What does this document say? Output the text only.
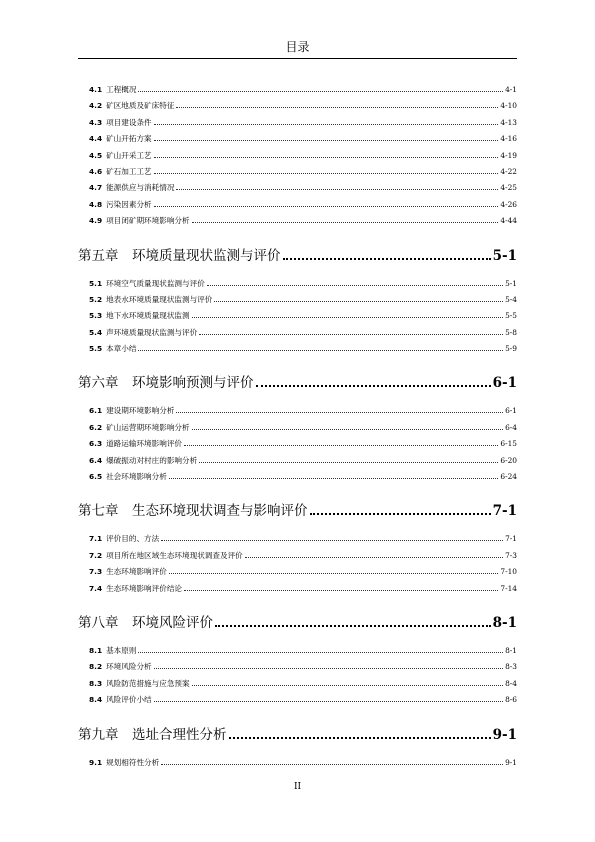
目录
4.1 工程概况	4-1
4.2 矿区地质及矿床特征	4-10
4.3 项目建设条件	4-13
4.4 矿山开拓方案	4-16
4.5 矿山开采工艺	4-19
4.6 矿石加工工艺	4-22
4.7 能源供应与消耗情况	4-25
4.8 污染因素分析	4-26
4.9 项目闭矿期环境影响分析	4-44
第五章　环境质量现状监测与评价	5-1
5.1 环境空气质量现状监测与评价	5-1
5.2 地表水环境质量现状监测与评价	5-4
5.3 地下水环境质量现状监测	5-5
5.4 声环境质量现状监测与评价	5-8
5.5 本章小结	5-9
第六章　环境影响预测与评价	6-1
6.1 建设期环境影响分析	6-1
6.2 矿山运营期环境影响分析	6-4
6.3 道路运输环境影响评价	6-15
6.4 爆破振动对村庄的影响分析	6-20
6.5 社会环境影响分析	6-24
第七章　生态环境现状调查与影响评价	7-1
7.1 评价目的、方法	7-1
7.2 项目所在地区域生态环境现状调查及评价	7-3
7.3 生态环境影响评价	7-10
7.4 生态环境影响评价结论	7-14
第八章　环境风险评价	8-1
8.1 基本原则	8-1
8.2 环境风险分析	8-3
8.3 风险防范措施与应急预案	8-4
8.4 风险评价小结	8-6
第九章　选址合理性分析	9-1
9.1 规划相符性分析	9-1
II
